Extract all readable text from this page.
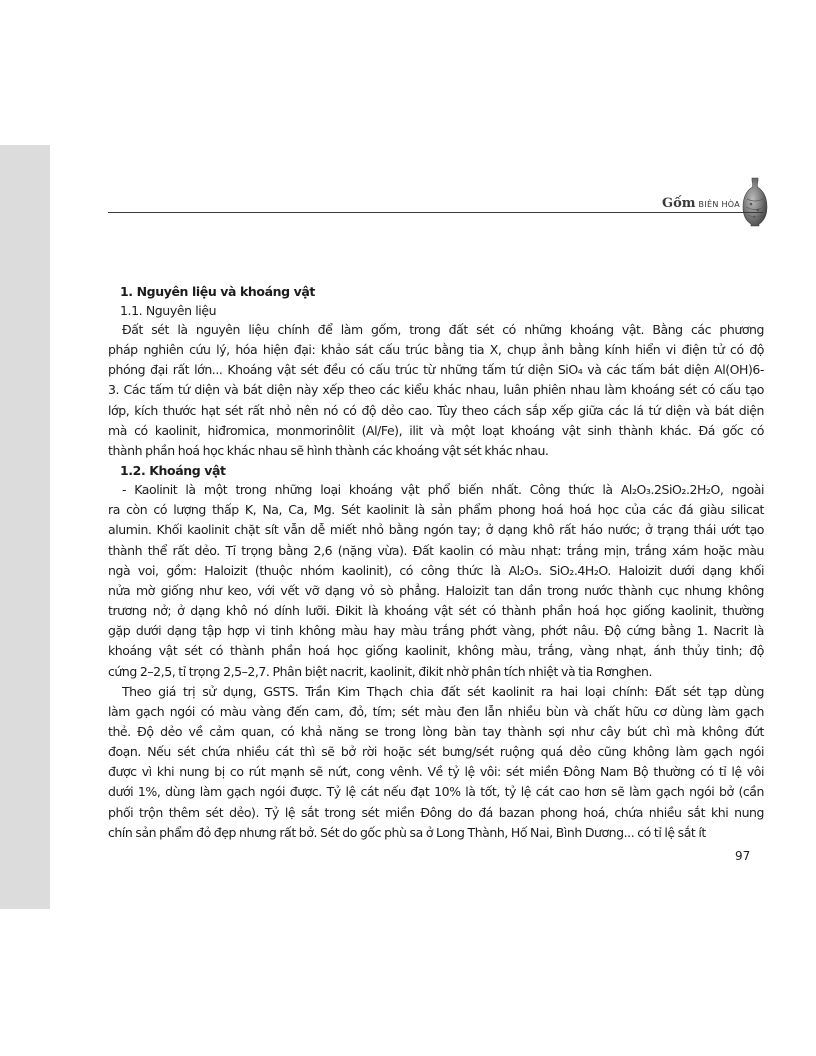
Gốm BIÊN HÒA
1. Nguyên liệu và khoáng vật
1.1. Nguyên liệu

Đất sét là nguyên liệu chính để làm gốm, trong đất sét có những khoáng vật. Bằng các phương
pháp nghiên cứu lý, hóa hiện đại: khảo sát cấu trúc bằng tia X, chụp ảnh bằng kính hiển vi điện tử có độ
phóng đại rất lớn... Khoáng vật sét đều có cấu trúc từ những tấm tứ diện SiO₄ và các tấm bát diện Al(OH)6-
3. Các tấm tứ diện và bát diện này xếp theo các kiểu khác nhau, luân phiên nhau làm khoáng sét có cấu tạo
lớp, kích thước hạt sét rất nhỏ nên nó có độ dẻo cao. Tùy theo cách sắp xếp giữa các lá tứ diện và bát diện
mà có kaolinit, hiđromica, monmorinôlit (Al/Fe), ilit và một loạt khoáng vật sinh thành khác. Đá gốc có
thành phần hoá học khác nhau sẽ hình thành các khoáng vật sét khác nhau.

1.2. Khoáng vật

- Kaolinit là một trong những loại khoáng vật phổ biến nhất. Công thức là Al₂O₃.2SiO₂.2H₂O, ngoài
ra còn có lượng thấp K, Na, Ca, Mg. Sét kaolinit là sản phẩm phong hoá hoá học của các đá giàu silicat
alumin. Khối kaolinit chặt sít vẫn dễ miết nhỏ bằng ngón tay; ở dạng khô rất háo nước; ở trạng thái ướt tạo
thành thể rất dẻo. Tỉ trọng bằng 2,6 (nặng vừa). Đất kaolin có màu nhạt: trắng mịn, trắng xám hoặc màu
ngà voi, gồm: Haloizit (thuộc nhóm kaolinit), có công thức là Al₂O₃. SiO₂.4H₂O. Haloizit dưới dạng khối
nửa mờ giống như keo, với vết vỡ dạng vỏ sò phẳng. Haloizit tan dần trong nước thành cục nhưng không
trương nở; ở dạng khô nó dính lưỡi. Đikit là khoáng vật sét có thành phần hoá học giống kaolinit, thường
gặp dưới dạng tập hợp vi tinh không màu hay màu trắng phớt vàng, phớt nâu. Độ cứng bằng 1. Nacrit là
khoáng vật sét có thành phần hoá học giống kaolinit, không màu, trắng, vàng nhạt, ánh thủy tinh; độ
cứng 2–2,5, tỉ trọng 2,5–2,7. Phân biệt nacrit, kaolinit, đikit nhờ phân tích nhiệt và tia Rơnghen.

Theo giá trị sử dụng, GSTS. Trần Kim Thạch chia đất sét kaolinit ra hai loại chính: Đất sét tạp dùng
làm gạch ngói có màu vàng đến cam, đỏ, tím; sét màu đen lẫn nhiều bùn và chất hữu cơ dùng làm gạch
thẻ. Độ dẻo về cảm quan, có khả năng se trong lòng bàn tay thành sợi như cây bút chì mà không đứt
đoạn. Nếu sét chứa nhiều cát thì sẽ bở rời hoặc sét bưng/sét ruộng quá dẻo cũng không làm gạch ngói
được vì khi nung bị co rút mạnh sẽ nứt, cong vênh. Về tỷ lệ vôi: sét miền Đông Nam Bộ thường có tỉ lệ vôi
dưới 1%, dùng làm gạch ngói được. Tỷ lệ cát nếu đạt 10% là tốt, tỷ lệ cát cao hơn sẽ làm gạch ngói bở (cần
phối trộn thêm sét dẻo). Tỷ lệ sắt trong sét miền Đông do đá bazan phong hoá, chứa nhiều sắt khi nung
chín sản phẩm đỏ đẹp nhưng rất bở. Sét do gốc phù sa ở Long Thành, Hố Nai, Bình Dương... có tỉ lệ sắt ít

97
